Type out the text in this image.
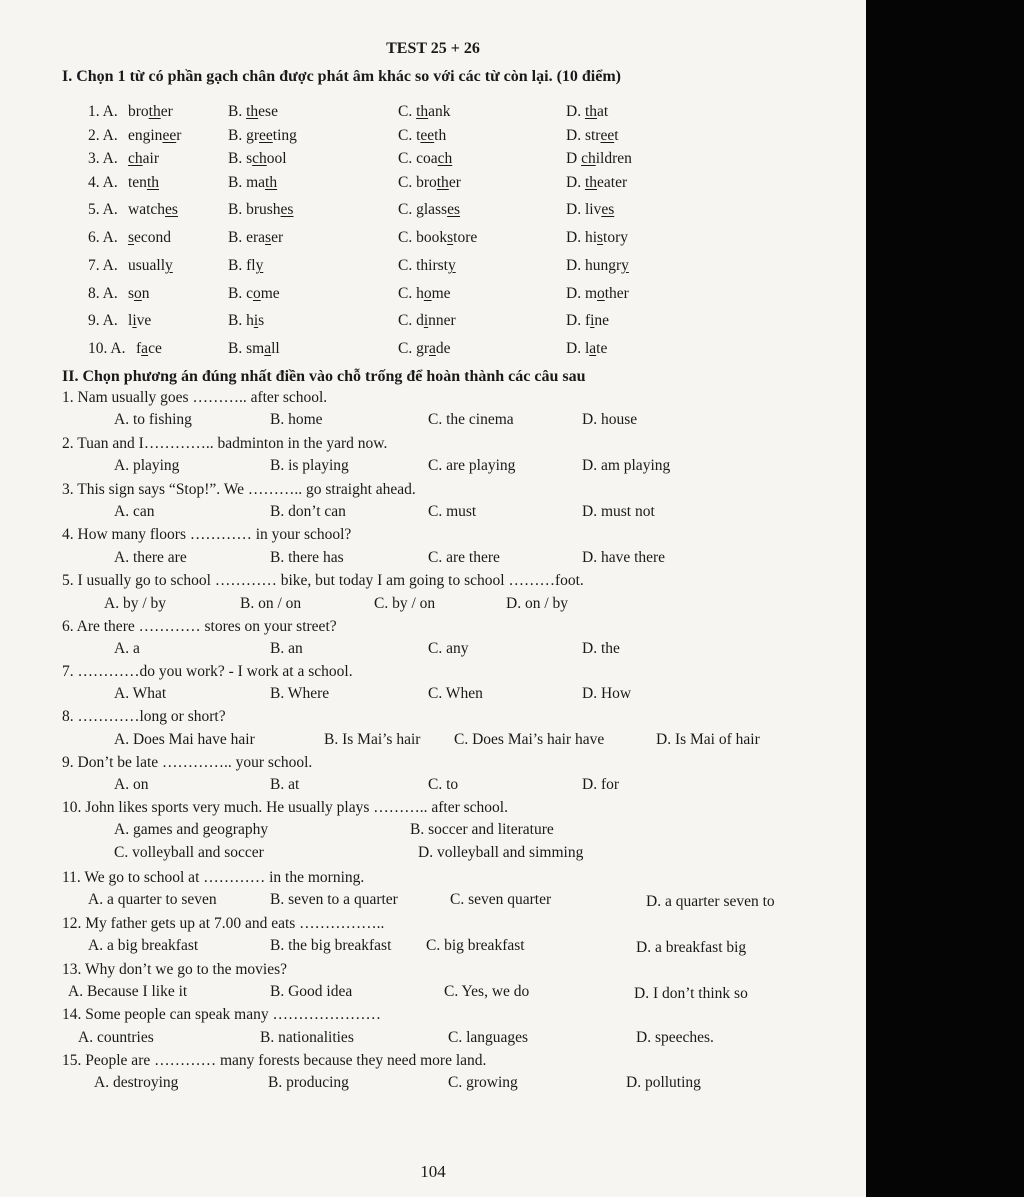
TEST 25 + 26
I. Chọn 1 từ có phần gạch chân được phát âm khác so với các từ còn lại. (10 điểm)
1. A. brother	B. these	C. thank	D. that
2. A. engineer	B. greeting	C. teeth	D. street
3. A. chair	B. school	C. coach	D children
4. A. tenth	B. math	C. brother	D. theater
5. A. watches	B. brushes	C. glasses	D. lives
6. A. second	B. eraser	C. bookstore	D. history
7. A. usually	B. fly	C. thirsty	D. hungry
8. A. son	B. come	C. home	D. mother
9. A. live	B. his	C. dinner	D. fine
10. A. face	B. small	C. grade	D. late
II. Chọn phương án đúng nhất điền vào chỗ trống để hoàn thành các câu sau
1. Nam usually goes ……….. after school.
A. to fishing	B. home	C. the cinema	D. house
2. Tuan and I………….. badminton in the yard now.
A. playing	B. is playing	C. are playing	D. am playing
3. This sign says “Stop!”. We ……….. go straight ahead.
A. can	B. don’t can	C. must	D. must not
4. How many floors ………… in your school?
A. there are	B. there has	C. are there	D. have there
5. I usually go to school ………… bike, but today I am going to school ………foot.
A. by / by	B. on / on	C. by / on	D. on / by
6. Are there ………… stores on your street?
A. a	B. an	C. any	D. the
7. …………do you work? - I work at a school.
A. What	B. Where	C. When	D. How
8. …………long or short?
A. Does Mai have hair	B. Is Mai’s hair C. Does Mai’s hair have	D. Is Mai of hair
9. Don’t be late ………….. your school.
A. on	B. at	C. to	D. for
10. John likes sports very much. He usually plays ……….. after school.
A. games and geography	B. soccer and literature
C. volleyball and soccer	D. volleyball and simming
11. We go to school at ………… in the morning.
A. a quarter to seven	B. seven to a quarter	C. seven quarter	D. a quarter seven to
12. My father gets up at 7.00 and eats ……………..
A. a big breakfast	B. the big breakfast C. big breakfast	D. a breakfast big
13. Why don’t we go to the movies?
A. Because I like it	B. Good idea	C. Yes, we do	D. I don’t think so
14. Some people can speak many …………………
A. countries	B. nationalities	C. languages	D. speeches.
15. People are ………… many forests because they need more land.
A. destroying	B. producing	C. growing	D. polluting
104
